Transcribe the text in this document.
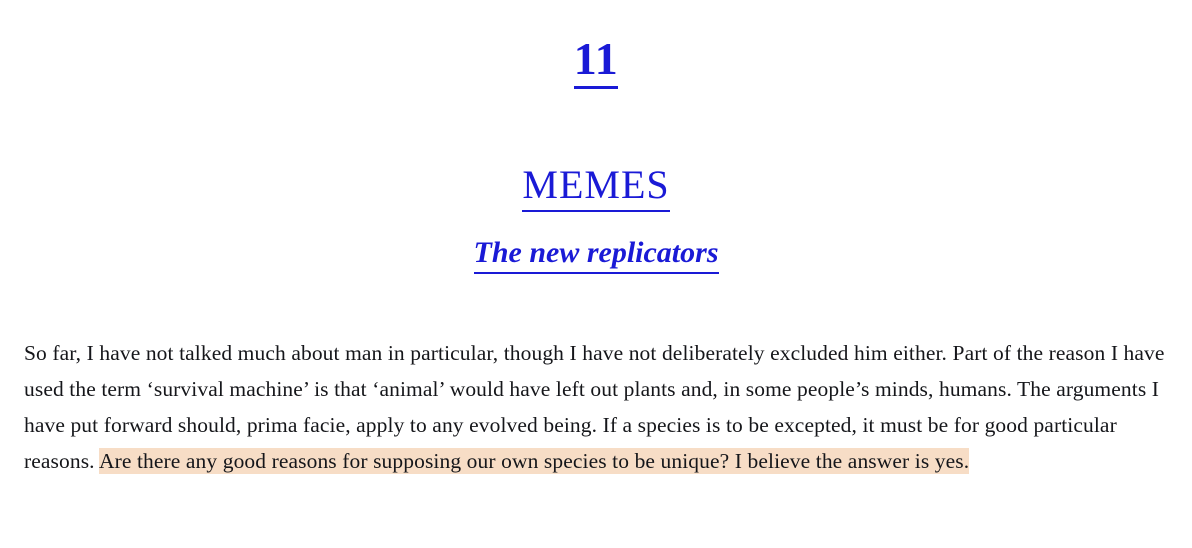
11
MEMES
The new replicators

So far, I have not talked much about man in particular, though I have not deliberately excluded him either. Part of the reason I have used the term ‘survival machine’ is that ‘animal’ would have left out plants and, in some people’s minds, humans. The arguments I have put forward should, prima facie, apply to any evolved being. If a species is to be excepted, it must be for good particular reasons. Are there any good reasons for supposing our own species to be unique? I believe the answer is yes.
